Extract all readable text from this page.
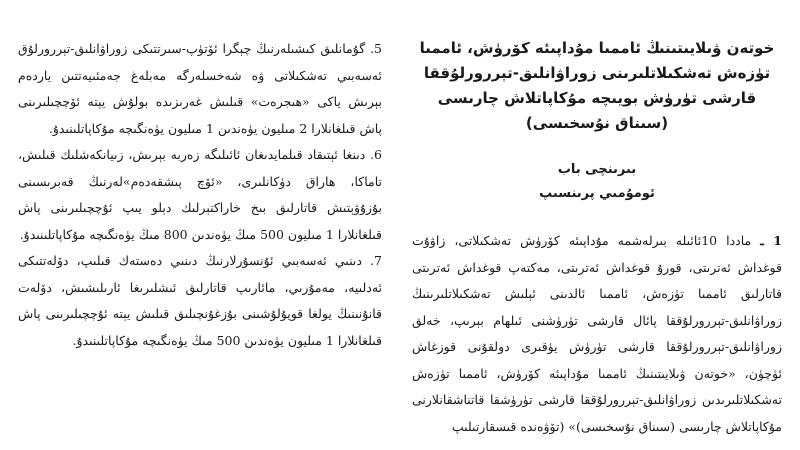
5. گۇمانلىق كىشىلەرنىڭ چېگرا ئۆتۈپ-سىرتتىكى زوراۋانلىق-تېررورلۇق ئەسەبىي تەشكىلاتى ۋە شەخسلەرگە مەبلەغ جەمئىيەتتىن ياردەم بېرىش ياكى «ھىجرەت» قىلىش غەرىزىدە بولۇش يېتە ئۆچچىلىرىنى پاش قىلغانلارا 2 مىليون يۈەندىن 1 مىليون يۈەنگىچە مۇكاپاتلىنىدۇ.

6. دىنغا ئېتىقاد قىلمايدىغان ئائىلىگە زەربە بېرىش، زىيانكەشلىك قىلىش، تاماكا، ھاراق دۈكانلىرى، «ئۆچ پىشقەدەم»لەرنىڭ قەبرىسىنى بۇزۇۋېتىش قاتارلىق بىخ خاراكتېرلىك دېلو يىپ ئۇچچىلىرىنى پاش قىلغانلارا 1 مىليون 500 مىڭ يۈەندىن 800 مىڭ يۈەنگىچە مۇكاپاتلىنىدۇ.

7. دىنىي ئەسەبىي ئۇنسۇرلارنىڭ دىنىي دەستەك قىلىپ، دۆلەتتىكى ئەدلىيە، مەمۇرىي، مائارىپ قاتارلىق ئىشلىرىغا ئارىلىشىش، دۆلەت قانۇنىنىڭ يولغا قويۇلۇشىنى بۇزغۇنچىلىق قىلىش يېتە ئۇچچىلىرىنى پاش قىلغانلارا 1 مىليون يۈەندىن 500 مىڭ يۈەنگىچە مۇكاپاتلىنىدۇ.

خوتەن ۋىلايىتىنىڭ ئاممىا مۇداپىئە كۆرۈش، ئاممىا

تۈزەش تەشكىلاتلىرىنى زوراۋانلىق-تېررورلۇققا

قارشى تۈرۈش بويىچە مۇكاپاتلاش چارىسى

(سىناق نۇسخىسى)

بىرىنچى باب

ئومۇمىي پرىنسىپ

1 ـ ماددا 10ئائىلە بىرلەشمە مۇداپىئە كۆرۈش تەشكىلاتى، زاۋۇت قوغداش ئەترىتى، قورۇ قوغداش ئەترىتى، مەكتەپ قوغداش ئەترىتى قاتارلىق ئاممىا تۈزەش، ئاممىا ئالدىنى ئېلىش تەشكىلاتلىرىنىڭ زوراۋانلىق-تېررورلۇققا پائال قارشى تۈرۈشنى ئىلھام بېرىپ، خەلق زوراۋانلىق-تېررورلۇققا قارشى تۈرۈش يۈقىرى دولقۇنى قوزغاش ئۈچۈن، «خوتەن ۋىلايىتىنىڭ ئاممىا مۇداپىئە كۆرۈش، ئاممىا تۈزەش تەشكىلاتلىرىدىن زوراۋانلىق-تېررورلۇققا قارشى تۈرۈشقا قاتناشقانلارنى مۇكاپاتلاش چارىسى (سىناق نۇسخىسى)» (تۆۋەندە قىسقارتىلىپ
